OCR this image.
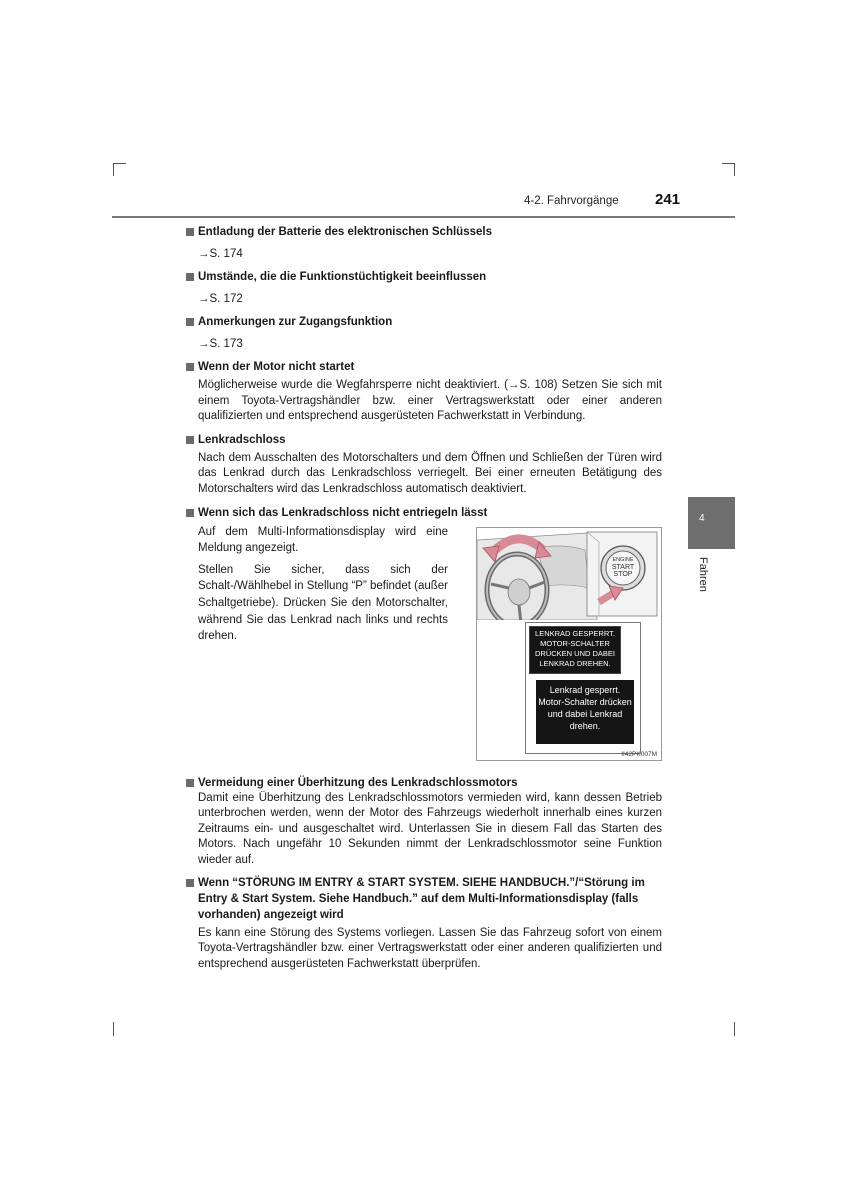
4-2. Fahrvorgänge 241
4
Fahren
Entladung der Batterie des elektronischen Schlüssels
→S. 174
Umstände, die die Funktionstüchtigkeit beeinflussen
→S. 172
Anmerkungen zur Zugangsfunktion
→S. 173
Wenn der Motor nicht startet
Möglicherweise wurde die Wegfahrsperre nicht deaktiviert. (→S. 108) Setzen Sie sich mit einem Toyota-Vertragshändler bzw. einer Vertragswerkstatt oder einer anderen qualifizierten und entsprechend ausgerüsteten Fachwerkstatt in Verbindung.
Lenkradschloss
Nach dem Ausschalten des Motorschalters und dem Öffnen und Schließen der Türen wird das Lenkrad durch das Lenkradschloss verriegelt. Bei einer erneuten Betätigung des Motorschalters wird das Lenkradschloss automatisch deaktiviert.
Wenn sich das Lenkradschloss nicht entriegeln lässt

Auf dem Multi-Informationsdisplay wird eine Meldung angezeigt.

Stellen Sie sicher, dass sich der Schalt-/Wählhebel in Stellung “P” befindet (außer Schaltgetriebe). Drücken Sie den Motorschalter, während Sie das Lenkrad nach links und rechts drehen.

ENGINE
START
STOP
LENKRAD GESPERRT. MOTOR-SCHALTER DRÜCKEN UND DABEI LENKRAD DREHEN.
Lenkrad gesperrt. Motor-Schalter drücken und dabei Lenkrad drehen.
II42PK007M
Vermeidung einer Überhitzung des Lenkradschlossmotors
Damit eine Überhitzung des Lenkradschlossmotors vermieden wird, kann dessen Betrieb unterbrochen werden, wenn der Motor des Fahrzeugs wiederholt innerhalb eines kurzen Zeitraums ein- und ausgeschaltet wird. Unterlassen Sie in diesem Fall das Starten des Motors. Nach ungefähr 10 Sekunden nimmt der Lenkradschlossmotor seine Funktion wieder auf.
Wenn “STÖRUNG IM ENTRY & START SYSTEM. SIEHE HANDBUCH.”/“Störung im Entry & Start System. Siehe Handbuch.” auf dem Multi-Informationsdisplay (falls vorhanden) angezeigt wird
Es kann eine Störung des Systems vorliegen. Lassen Sie das Fahrzeug sofort von einem Toyota-Vertragshändler bzw. einer Vertragswerkstatt oder einer anderen qualifizierten und entsprechend ausgerüsteten Fachwerkstatt überprüfen.
